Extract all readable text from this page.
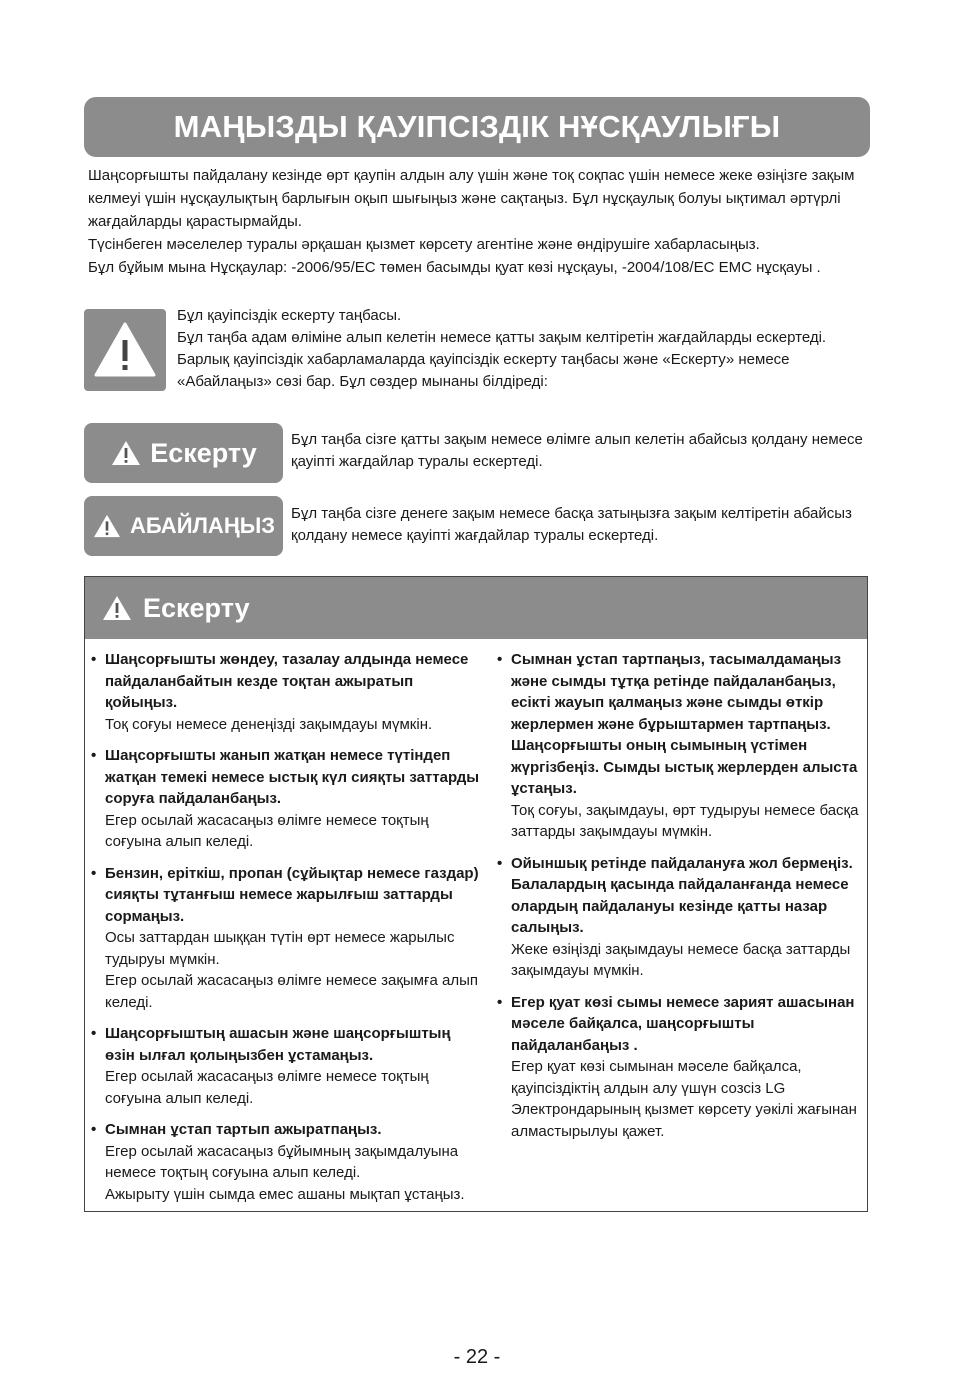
МАҢЫЗДЫ ҚАУІПСІЗДІК НҰСҚАУЛЫҒЫ

Шаңсорғышты пайдалану кезінде өрт қаупін алдын алу үшін және тоқ соқпас үшін немесе жеке өзіңізге зақым келмеуі үшін нұсқаулықтың барлығын оқып шығыңыз және сақтаңыз. Бұл нұсқаулық болуы ықтимал әртүрлі жағдайларды қарастырмайды.

Түсінбеген мәселелер туралы әрқашан қызмет көрсету агентіне және өндірушіге хабарласыңыз.

Бұл бұйым мына Нұсқаулар: -2006/95/EC төмен басымды қуат көзі нұсқауы, -2004/108/EC EMC нұсқауы .

Бұл қауіпсіздік ескерту таңбасы.

Бұл таңба адам өліміне алып келетін немесе қатты зақым келтіретін жағдайларды ескертеді.

Барлық қауіпсіздік хабарламаларда қауіпсіздік ескерту таңбасы және «Ескерту» немесе «Абайлаңыз» сөзі бар. Бұл сөздер мынаны білдіреді:

Ескерту Бұл таңба сізге қатты зақым немесе өлімге алып келетін абайсыз қолдану немесе қауіпті жағдайлар туралы ескертеді.

АБАЙЛАҢЫЗ Бұл таңба сізге денеге зақым немесе басқа затыңызға зақым келтіретін абайсыз қолдану немесе қауіпті жағдайлар туралы ескертеді.

Ескерту
• Шаңсорғышты жөндеу, тазалау алдында немесе пайдаланбайтын кезде тоқтан ажыратып қойыңыз.

Тоқ соғуы немесе денеңізді зақымдауы мүмкін.

• Шаңсорғышты жанып жатқан немесе түтіндеп жатқан темекі немесе ыстық күл сияқты заттарды соруға пайдаланбаңыз.

Егер осылай жасасаңыз өлімге немесе тоқтың соғуына алып келеді.

• Бензин, еріткіш, пропан (сұйықтар немесе газдар) сияқты тұтанғыш немесе жарылғыш заттарды сормаңыз.

Осы заттардан шыққан түтін өрт немесе жарылыс тудыруы мүмкін.
Егер осылай жасасаңыз өлімге немесе зақымға алып келеді.

• Шаңсорғыштың ашасын және шаңсорғыштың өзін ылғал қолыңызбен ұстамаңыз.

Егер осылай жасасаңыз өлімге немесе тоқтың соғуына алып келеді.

• Сымнан ұстап тартып ажыратпаңыз.

Егер осылай жасасаңыз бұйымның зақымдалуына немесе тоқтың соғуына алып келеді.
Ажырыту үшін сымда емес ашаны мықтап ұстаңыз.

• Сымнан ұстап тартпаңыз, тасымалдамаңыз және сымды тұтқа ретінде пайдаланбаңыз, есікті жауып қалмаңыз және сымды өткір жерлермен және бұрыштармен тартпаңыз. Шаңсорғышты оның сымының үстімен жүргізбеңіз. Сымды ыстық жерлерден алыста ұстаңыз.

Тоқ соғуы, зақымдауы, өрт тудыруы немесе басқа заттарды зақымдауы мүмкін.

• Ойыншық ретінде пайдалануға жол бермеңіз. Балалардың қасында пайдаланғанда немесе олардың пайдалануы кезінде қатты назар салыңыз.

Жеке өзіңізді зақымдауы немесе басқа заттарды зақымдауы мүмкін.

• Егер қуат көзі сымы немесе зарият ашасынан мәселе байқалса, шаңсорғышты пайдаланбаңыз .

Егер қуат көзі сымынан мәселе байқалса, қауіпсіздіктің алдын алу үшүн созсіз LG Электрондарының қызмет көрсету уәкілі жағынан алмастырылуы қажет.

- 22 -
